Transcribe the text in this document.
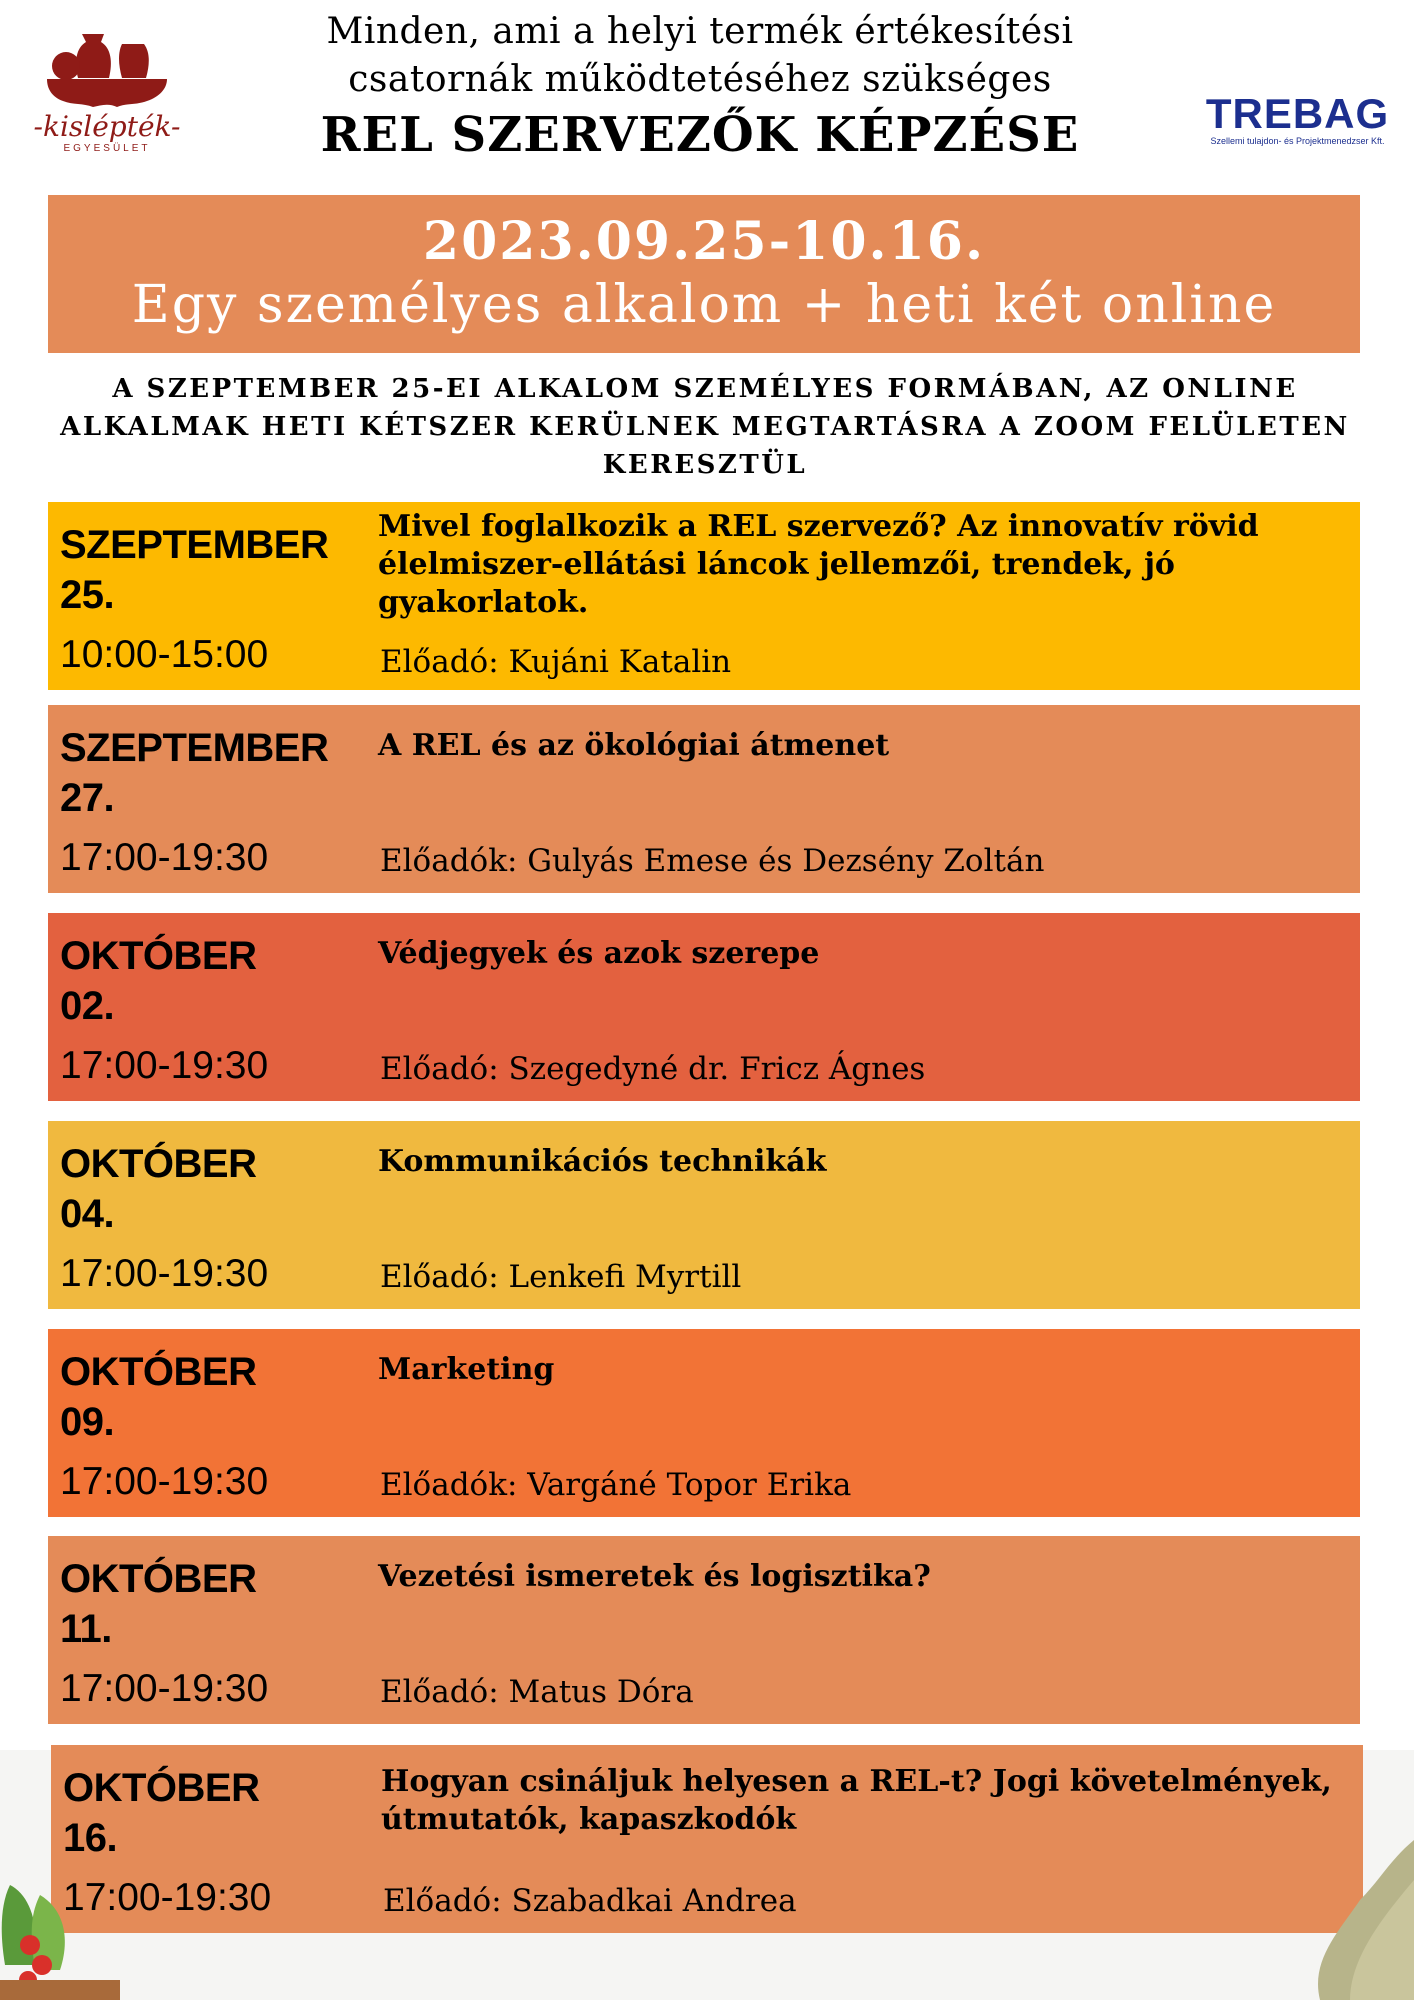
-kislépték-
EGYESÜLET
Minden, ami a helyi termék értékesítési
csatornák működtetéséhez szükséges
REL SZERVEZŐK KÉPZÉSE	TREBAG
Szellemi tulajdon- és Projektmenedzser Kft.
2023.09.25-10.16.
Egy személyes alkalom + heti két online
A SZEPTEMBER 25-EI ALKALOM SZEMÉLYES FORMÁBAN, AZ ONLINE ALKALMAK HETI KÉTSZER KERÜLNEK MEGTARTÁSRA A ZOOM FELÜLETEN KERESZTÜL
SZEPTEMBER
25.
10:00-15:00
Mivel foglalkozik a REL szervező? Az innovatív rövid élelmiszer-ellátási láncok jellemzői, trendek, jó gyakorlatok.
Előadó: Kujáni Katalin
SZEPTEMBER
27.
17:00-19:30
A REL és az ökológiai átmenet
Előadók: Gulyás Emese és Dezsény Zoltán
OKTÓBER
02.
17:00-19:30
Védjegyek és azok szerepe
Előadó: Szegedyné dr. Fricz Ágnes
OKTÓBER
04.
17:00-19:30
Kommunikációs technikák
Előadó: Lenkefi Myrtill
OKTÓBER
09.
17:00-19:30
Marketing
Előadók: Vargáné Topor Erika
OKTÓBER
11.
17:00-19:30
Vezetési ismeretek és logisztika?
Előadó: Matus Dóra
OKTÓBER
16.
17:00-19:30
Hogyan csináljuk helyesen a REL-t? Jogi követelmények, útmutatók, kapaszkodók
Előadó: Szabadkai Andrea
